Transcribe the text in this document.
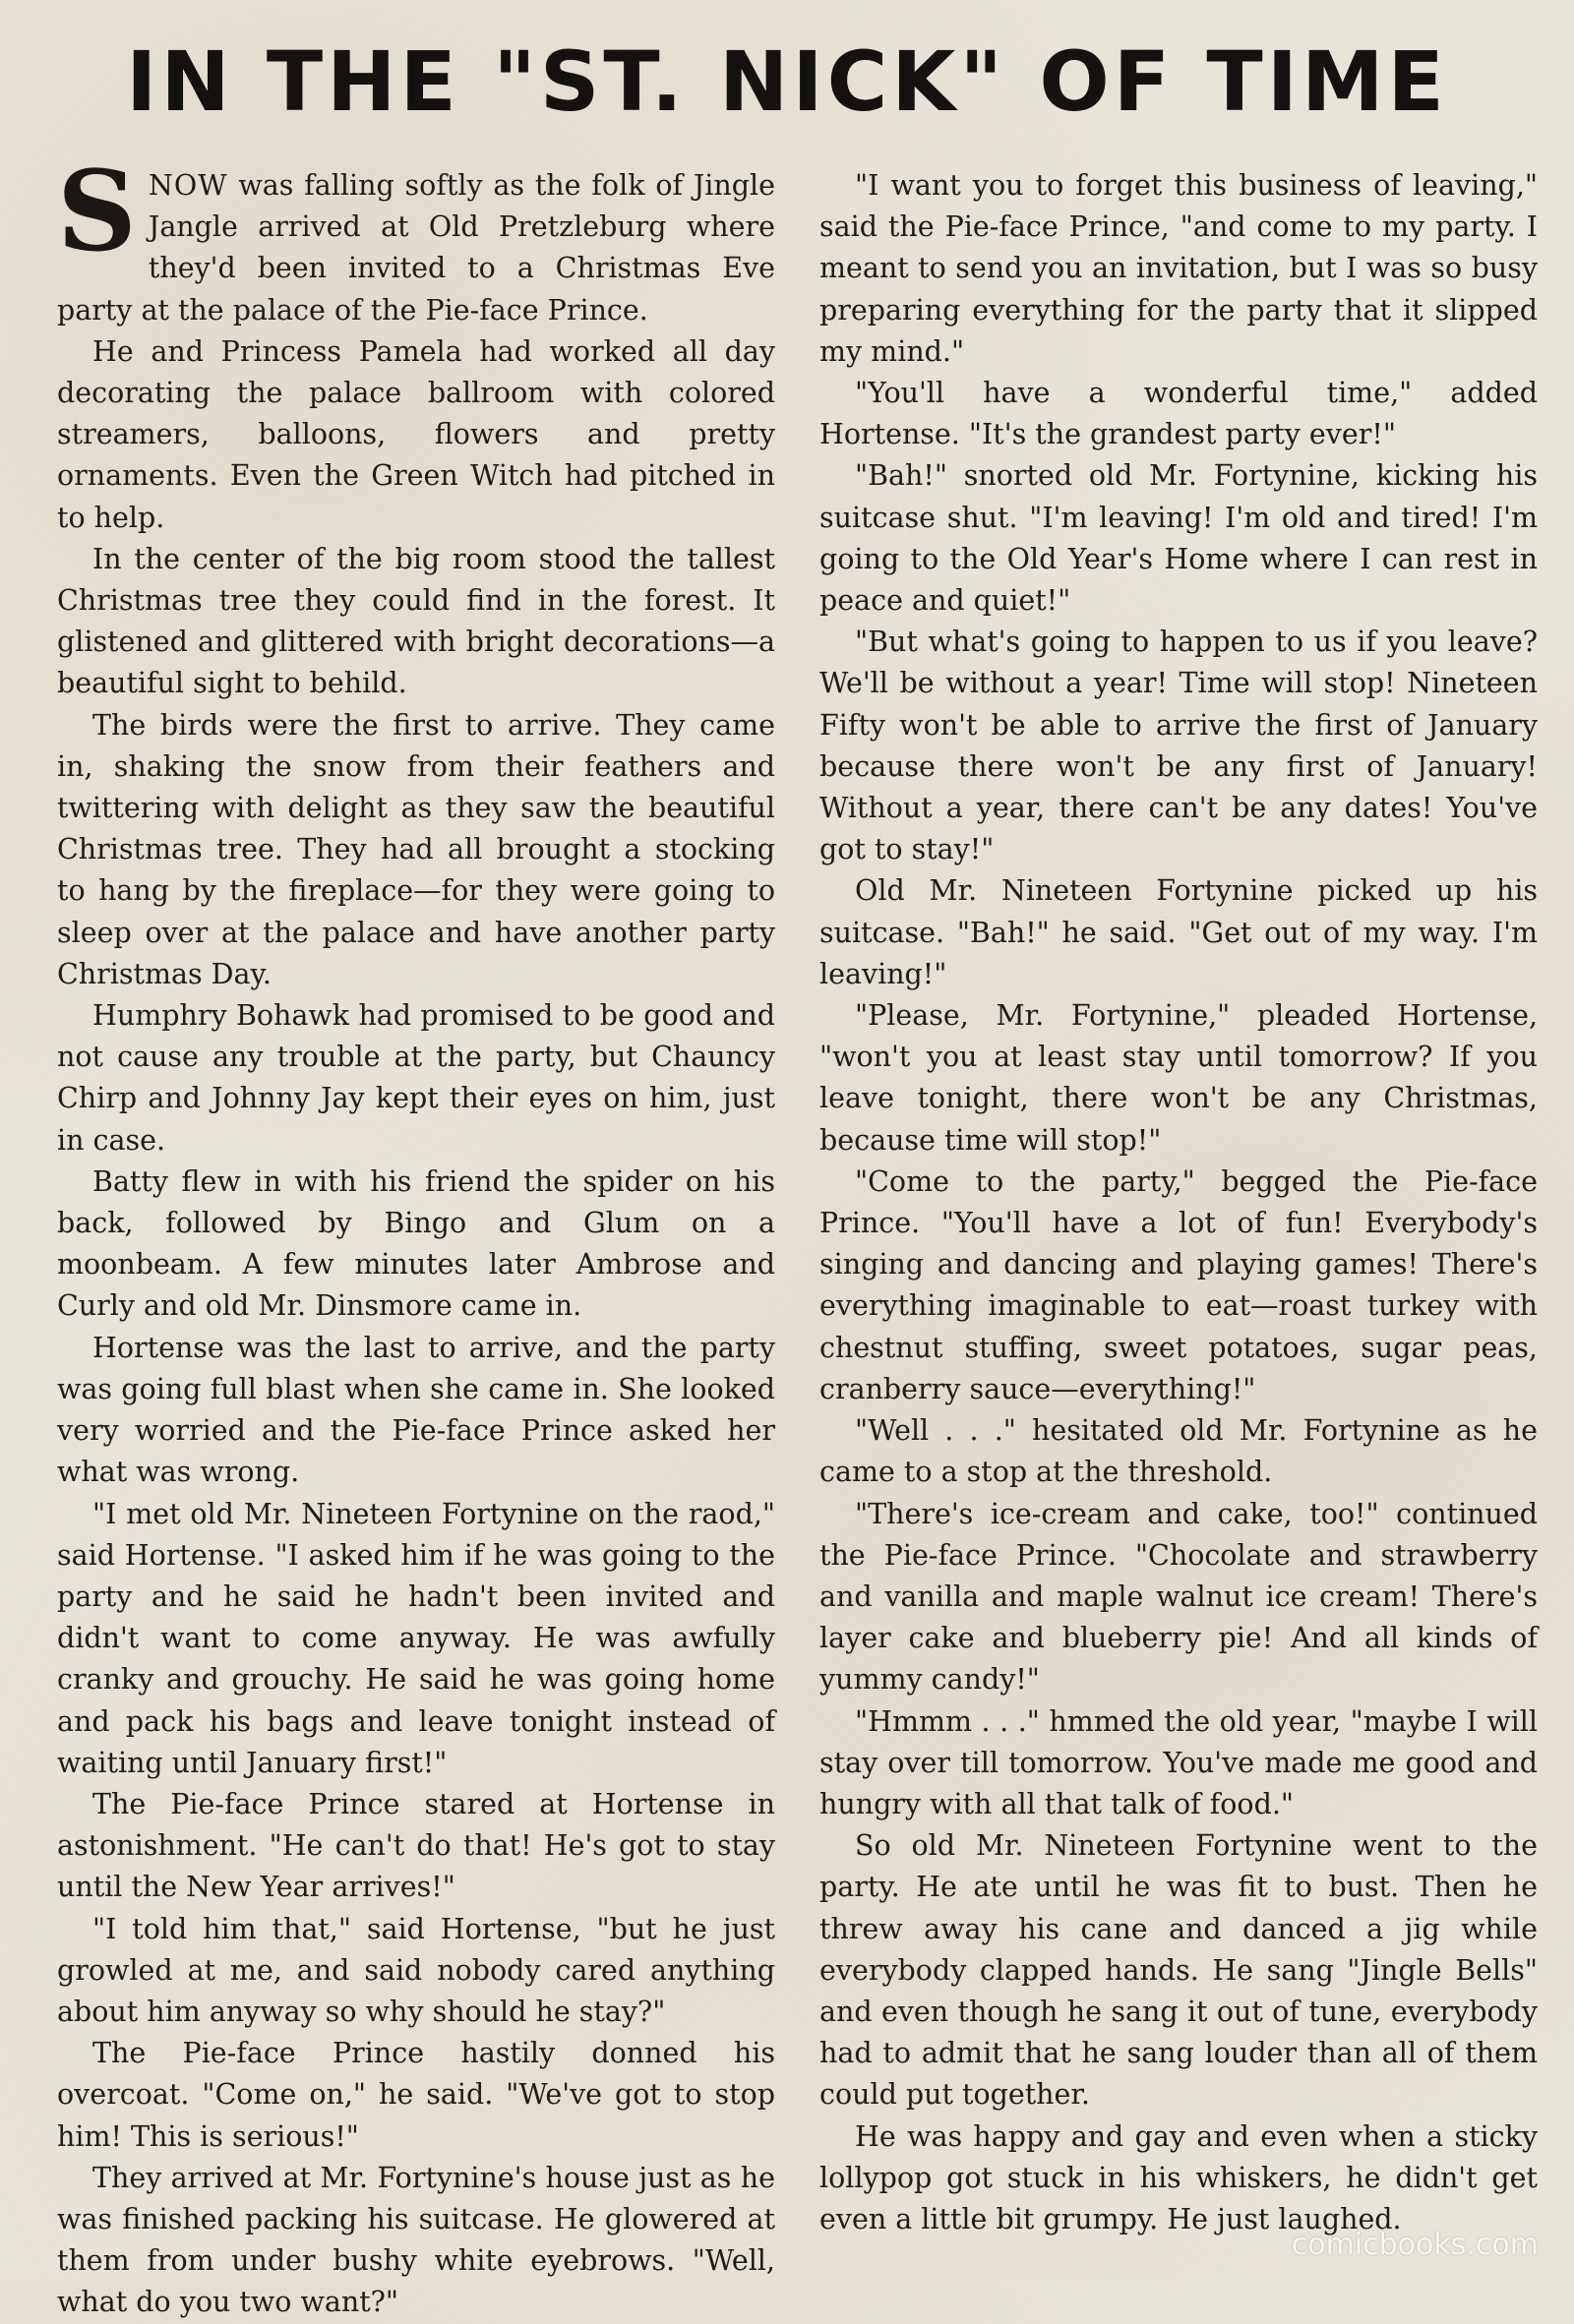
IN THE "ST. NICK" OF TIME

SNOW was falling softly as the folk of Jingle Jangle arrived at Old Pretzleburg where they'd been invited to a Christmas Eve party at the palace of the Pie-face Prince.

He and Princess Pamela had worked all day decorating the palace ballroom with colored streamers, balloons, flowers and pretty ornaments. Even the Green Witch had pitched in to help.

In the center of the big room stood the tallest Christmas tree they could find in the forest. It glistened and glittered with bright decorations—a beautiful sight to behild.

The birds were the first to arrive. They came in, shaking the snow from their feathers and twittering with delight as they saw the beautiful Christmas tree. They had all brought a stocking to hang by the fireplace—for they were going to sleep over at the palace and have another party Christmas Day.

Humphry Bohawk had promised to be good and not cause any trouble at the party, but Chauncy Chirp and Johnny Jay kept their eyes on him, just in case.

Batty flew in with his friend the spider on his back, followed by Bingo and Glum on a moonbeam. A few minutes later Ambrose and Curly and old Mr. Dinsmore came in.

Hortense was the last to arrive, and the party was going full blast when she came in. She looked very worried and the Pie-face Prince asked her what was wrong.

"I met old Mr. Nineteen Fortynine on the raod," said Hortense. "I asked him if he was going to the party and he said he hadn't been invited and didn't want to come anyway. He was awfully cranky and grouchy. He said he was going home and pack his bags and leave tonight instead of waiting until January first!"

The Pie-face Prince stared at Hortense in astonishment. "He can't do that! He's got to stay until the New Year arrives!"

"I told him that," said Hortense, "but he just growled at me, and said nobody cared anything about him anyway so why should he stay?"

The Pie-face Prince hastily donned his overcoat. "Come on," he said. "We've got to stop him! This is serious!"

They arrived at Mr. Fortynine's house just as he was finished packing his suitcase. He glowered at them from under bushy white eyebrows. "Well, what do you two want?"

"I want you to forget this business of leaving," said the Pie-face Prince, "and come to my party. I meant to send you an invitation, but I was so busy preparing everything for the party that it slipped my mind."

"You'll have a wonderful time," added Hortense. "It's the grandest party ever!"

"Bah!" snorted old Mr. Fortynine, kicking his suitcase shut. "I'm leaving! I'm old and tired! I'm going to the Old Year's Home where I can rest in peace and quiet!"

"But what's going to happen to us if you leave? We'll be without a year! Time will stop! Nineteen Fifty won't be able to arrive the first of January because there won't be any first of January! Without a year, there can't be any dates! You've got to stay!"

Old Mr. Nineteen Fortynine picked up his suitcase. "Bah!" he said. "Get out of my way. I'm leaving!"

"Please, Mr. Fortynine," pleaded Hortense, "won't you at least stay until tomorrow? If you leave tonight, there won't be any Christmas, because time will stop!"

"Come to the party," begged the Pie-face Prince. "You'll have a lot of fun! Everybody's singing and dancing and playing games! There's everything imaginable to eat—roast turkey with chestnut stuffing, sweet potatoes, sugar peas, cranberry sauce—everything!"

"Well . . ." hesitated old Mr. Fortynine as he came to a stop at the threshold.

"There's ice-cream and cake, too!" continued the Pie-face Prince. "Chocolate and strawberry and vanilla and maple walnut ice cream! There's layer cake and blueberry pie! And all kinds of yummy candy!"

"Hmmm . . ." hmmed the old year, "maybe I will stay over till tomorrow. You've made me good and hungry with all that talk of food."

So old Mr. Nineteen Fortynine went to the party. He ate until he was fit to bust. Then he threw away his cane and danced a jig while everybody clapped hands. He sang "Jingle Bells" and even though he sang it out of tune, everybody had to admit that he sang louder than all of them could put together.

He was happy and gay and even when a sticky lollypop got stuck in his whiskers, he didn't get even a little bit grumpy. He just laughed.

comicbooks.com
